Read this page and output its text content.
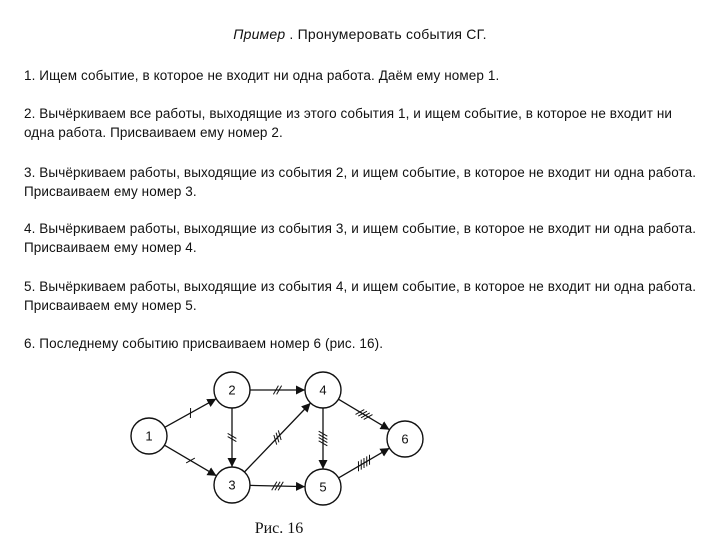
Пример . Пронумеровать события СГ.
1. Ищем событие, в которое не входит ни одна работа. Даём ему номер 1.
2. Вычёркиваем все работы, выходящие из этого события 1, и ищем событие, в которое не входит ни одна работа. Присваиваем ему номер 2.
3. Вычёркиваем работы, выходящие из события 2, и ищем событие, в которое не входит ни одна работа. Присваиваем ему номер 3.
4. Вычёркиваем работы, выходящие из события 3, и ищем событие, в которое не входит ни одна работа. Присваиваем ему номер 4.
5. Вычёркиваем работы, выходящие из события 4, и ищем событие, в которое не входит ни одна работа. Присваиваем ему номер 5.
6. Последнему событию присваиваем номер 6 (рис. 16).
1
2
3
4
5
6
Рис. 16
